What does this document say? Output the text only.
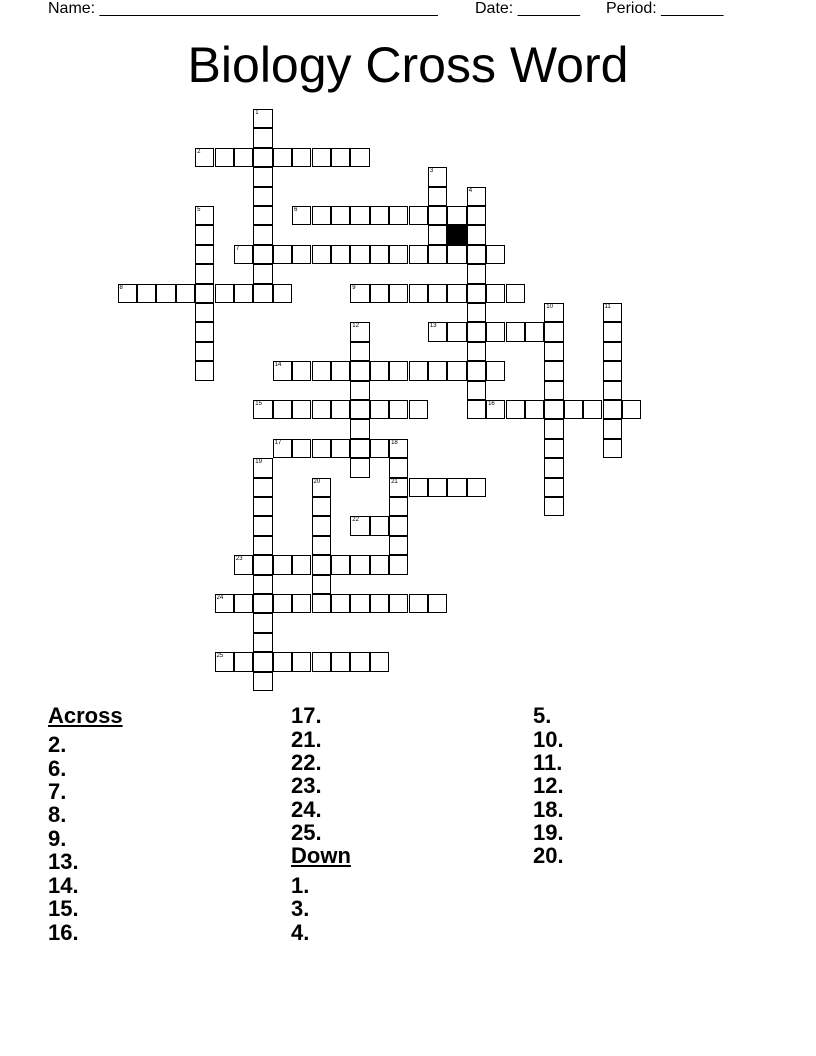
Name: ______________________________________ Date: _______ Period: _______
Biology Cross Word
1
2
3
4
5	6
7
8	9
10	11
12	13
14
15	16
17	18
21
19
20
22
23
24
25
Across
2.
6.
7.
8.
9.
13.
14.
15.
16.
17.
21.
22.
23.
24.
25.
Down
1.
3.
4.
5.
10.
11.
12.
18.
19.
20.
